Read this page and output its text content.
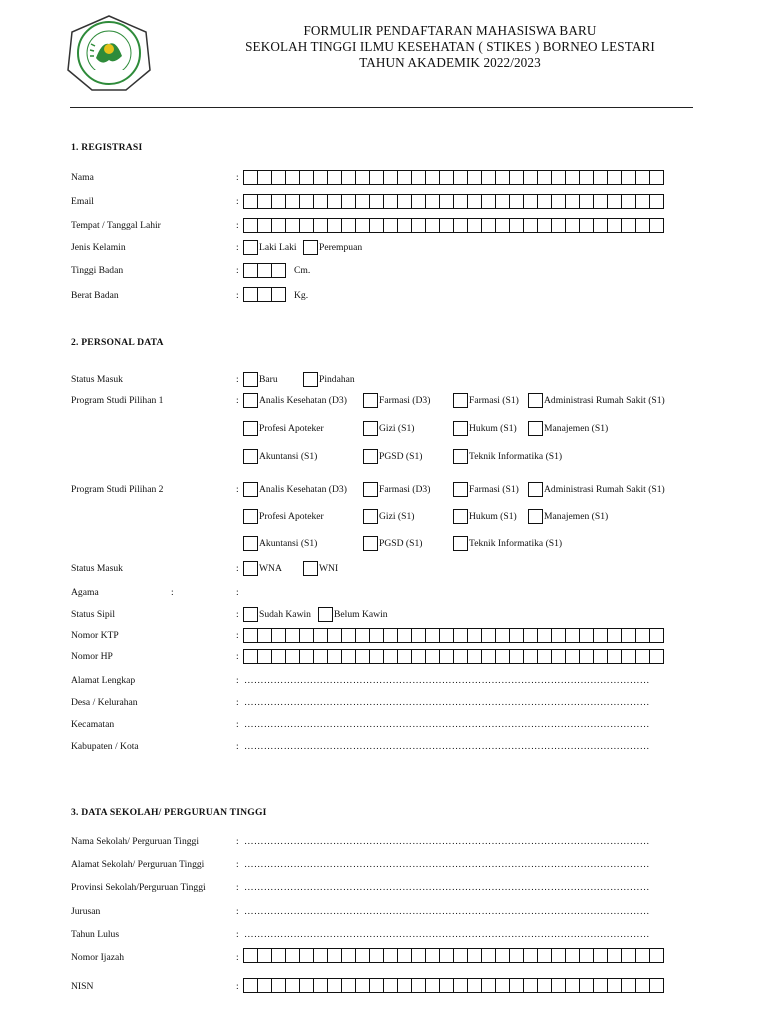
FORMULIR PENDAFTARAN MAHASISWA BARU
SEKOLAH TINGGI ILMU KESEHATAN ( STIKES ) BORNEO LESTARI
TAHUN AKADEMIK 2022/2023
1. REGISTRASI
Nama	:
Email	:
Tempat / Tanggal Lahir	:
Jenis Kelamin	: Laki Laki Perempuan
Tinggi Badan	:	Cm.
Berat Badan	:	Kg.
2. PERSONAL DATA
Status Masuk	: Baru	Pindahan
Program Studi Pilihan 1	: Analis Kesehatan (D3)	Farmasi (D3)	Farmasi (S1)	Administrasi Rumah Sakit (S1)
Profesi Apoteker	Gizi (S1)	Hukum (S1)	Manajemen (S1)
Akuntansi (S1)	PGSD (S1)	Teknik Informatika (S1)
Program Studi Pilihan 2	: Analis Kesehatan (D3)	Farmasi (D3)	Farmasi (S1)	Administrasi Rumah Sakit (S1)
Profesi Apoteker	Gizi (S1)	Hukum (S1)	Manajemen (S1)
Akuntansi (S1)	PGSD (S1)	Teknik Informatika (S1)
Status Masuk	: WNA	WNI
Agama	:	:
Status Sipil	: Sudah Kawin Belum Kawin
Nomor KTP	:
Nomor HP	:
Alamat Lengkap	: ……………………………………………………………………………………………………………
Desa / Kelurahan	: ……………………………………………………………………………………………………………
Kecamatan	: ……………………………………………………………………………………………………………
Kabupaten / Kota	: ……………………………………………………………………………………………………………
3. DATA SEKOLAH/ PERGURUAN TINGGI
Nama Sekolah/ Perguruan Tinggi	: ……………………………………………………………………………………………………………
Alamat Sekolah/ Perguruan Tinggi	: ……………………………………………………………………………………………………………
Provinsi Sekolah/Perguruan Tinggi	: ……………………………………………………………………………………………………………
Jurusan	: ……………………………………………………………………………………………………………
Tahun Lulus	: ……………………………………………………………………………………………………………
Nomor Ijazah	:
NISN	:
